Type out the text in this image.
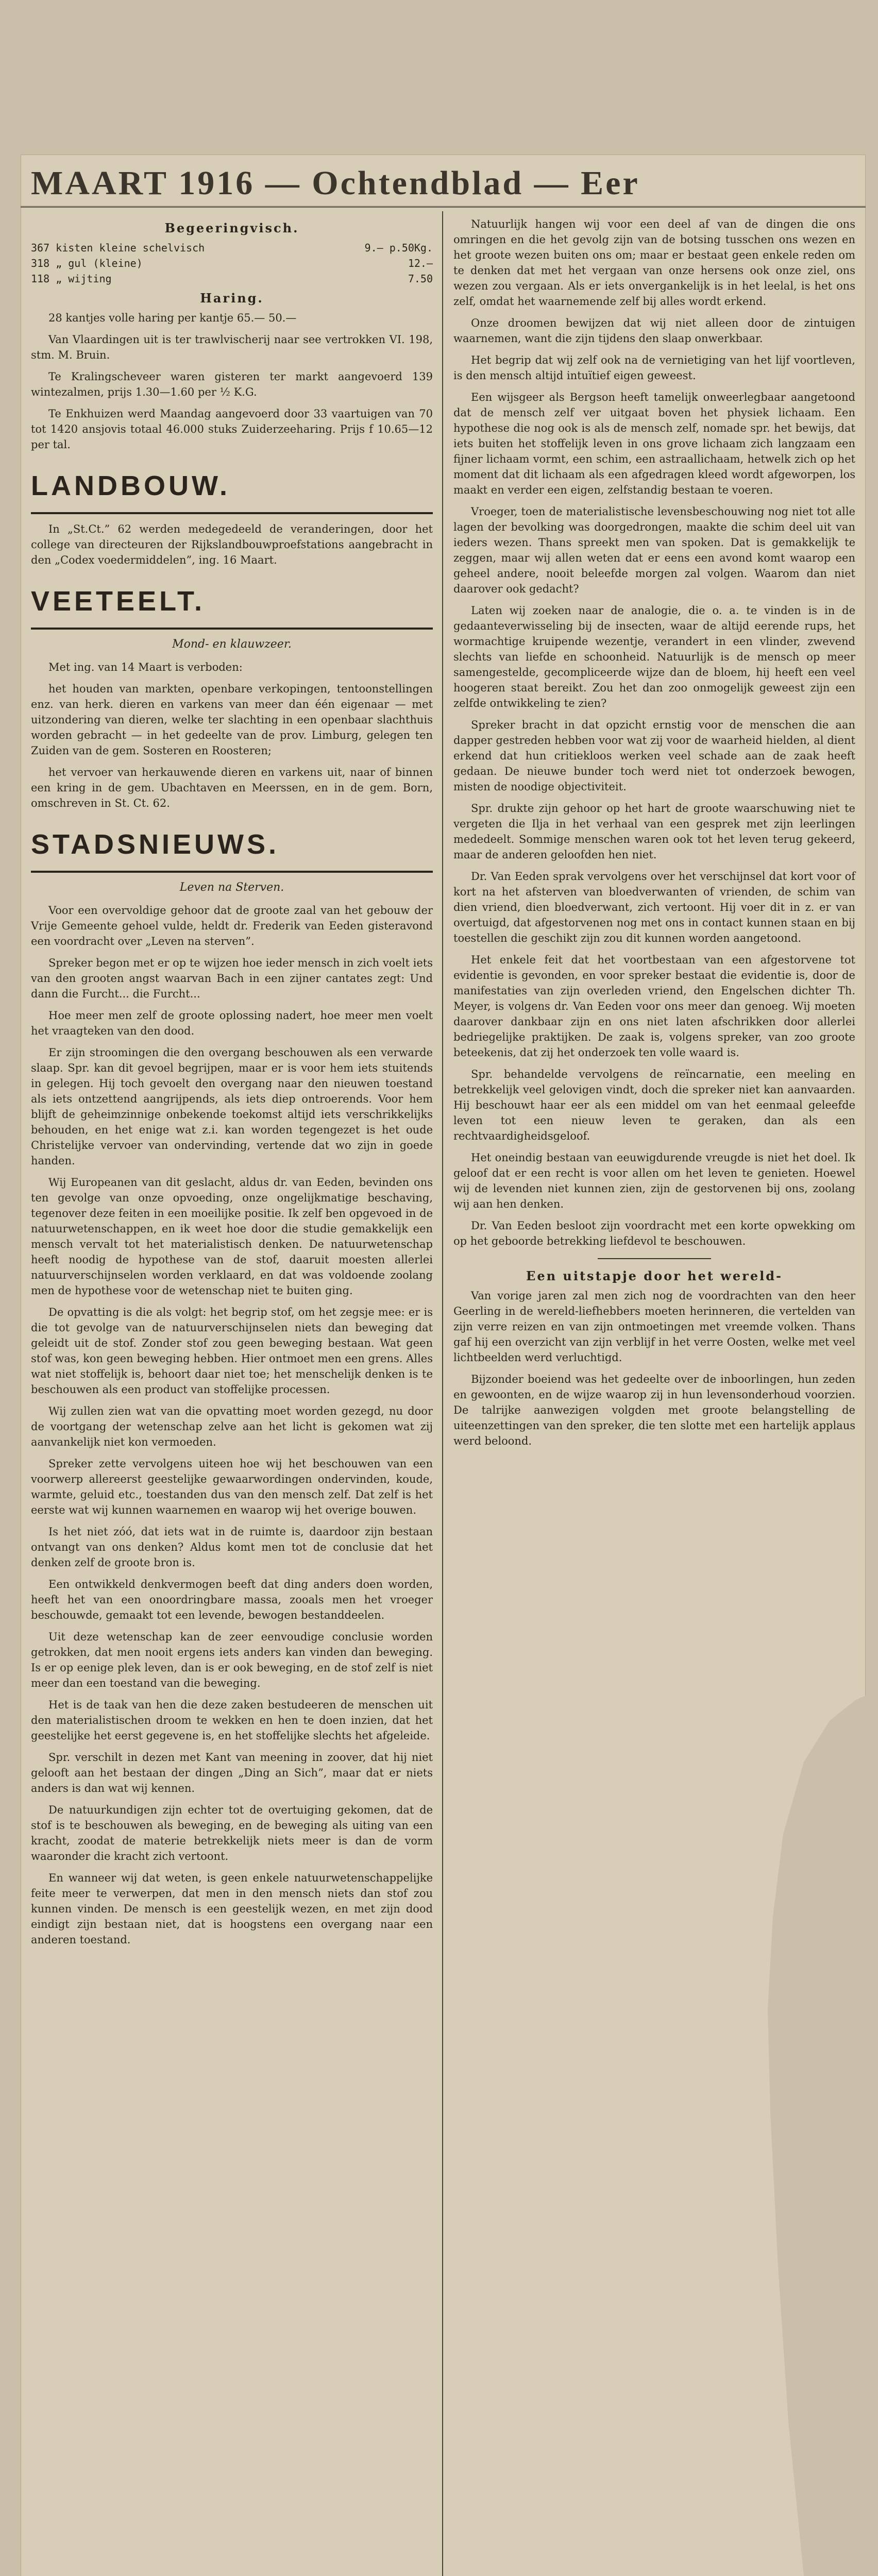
MAART 1916 — Ochtendblad — Eer
Begeeringvisch.
367 kisten kleine schelvisch	9.— p.50Kg.
318 „ gul (kleine)	12.—
118 „ wijting	7.50
Haring.
28 kantjes volle haring per kantje 65.— 50.—
Van Vlaardingen uit is ter trawlvischerij naar see vertrokken VI. 198, stm. M. Bruin.
Te Kralingscheveer waren gisteren ter markt aangevoerd 139 wintezalmen, prijs 1.30—1.60 per ½ K.G.
Te Enkhuizen werd Maandag aangevoerd door 33 vaartuigen van 70 tot 1420 ansjovis totaal 46.000 stuks Zuiderzeeharing. Prijs f 10.65—12 per tal.
LANDBOUW.
In „St.Ct.” 62 werden medegedeeld de veranderingen, door het college van directeuren der Rijkslandbouwproefstations aangebracht in den „Codex voedermiddelen”, ing. 16 Maart.
VEETEELT.
Mond- en klauwzeer.
Met ing. van 14 Maart is verboden:
het houden van markten, openbare verkopingen, tentoonstellingen enz. van herk. dieren en varkens van meer dan één eigenaar — met uitzondering van dieren, welke ter slachting in een openbaar slachthuis worden gebracht — in het gedeelte van de prov. Limburg, gelegen ten Zuiden van de gem. Sosteren en Roosteren;
het vervoer van herkauwende dieren en varkens uit, naar of binnen een kring in de gem. Ubachtaven en Meerssen, en in de gem. Born, omschreven in St. Ct. 62.
STADSNIEUWS.
Leven na Sterven.
Voor een overvoldige gehoor dat de groote zaal van het gebouw der Vrije Gemeente gehoel vulde, heldt dr. Frederik van Eeden gisteravond een voordracht over „Leven na sterven”.
Spreker begon met er op te wijzen hoe ieder mensch in zich voelt iets van den grooten angst waarvan Bach in een zijner cantates zegt: Und dann die Furcht... die Furcht...
Hoe meer men zelf de groote oplossing nadert, hoe meer men voelt het vraagteken van den dood.
Er zijn stroomingen die den overgang beschouwen als een verwarde slaap. Spr. kan dit gevoel begrijpen, maar er is voor hem iets stuitends in gelegen. Hij toch gevoelt den overgang naar den nieuwen toestand als iets ontzettend aangrijpends, als iets diep ontroerends. Voor hem blijft de geheimzinnige onbekende toekomst altijd iets verschrikkelijks behouden, en het enige wat z.i. kan worden tegengezet is het oude Christelijke vervoer van ondervinding, vertende dat wo zijn in goede handen.
Wij Europeanen van dit geslacht, aldus dr. van Eeden, bevinden ons ten gevolge van onze opvoeding, onze ongelijkmatige beschaving, tegenover deze feiten in een moeilijke positie. Ik zelf ben opgevoed in de natuurwetenschappen, en ik weet hoe door die studie gemakkelijk een mensch vervalt tot het materialistisch denken. De natuurwetenschap heeft noodig de hypothese van de stof, daaruit moesten allerlei natuurverschijnselen worden verklaard, en dat was voldoende zoolang men de hypothese voor de wetenschap niet te buiten ging.
De opvatting is die als volgt: het begrip stof, om het zegsje mee: er is die tot gevolge van de natuurverschijnselen niets dan beweging dat geleidt uit de stof. Zonder stof zou geen beweging bestaan. Wat geen stof was, kon geen beweging hebben. Hier ontmoet men een grens. Alles wat niet stoffelijk is, behoort daar niet toe; het menschelijk denken is te beschouwen als een product van stoffelijke processen.
Wij zullen zien wat van die opvatting moet worden gezegd, nu door de voortgang der wetenschap zelve aan het licht is gekomen wat zij aanvankelijk niet kon vermoeden.
Spreker zette vervolgens uiteen hoe wij het beschouwen van een voorwerp allereerst geestelijke gewaarwordingen ondervinden, koude, warmte, geluid etc., toestanden dus van den mensch zelf. Dat zelf is het eerste wat wij kunnen waarnemen en waarop wij het overige bouwen.
Is het niet zóó, dat iets wat in de ruimte is, daardoor zijn bestaan ontvangt van ons denken? Aldus komt men tot de conclusie dat het denken zelf de groote bron is.
Een ontwikkeld denkvermogen beeft dat ding anders doen worden, heeft het van een onoordringbare massa, zooals men het vroeger beschouwde, gemaakt tot een levende, bewogen bestanddeelen.
Uit deze wetenschap kan de zeer eenvoudige conclusie worden getrokken, dat men nooit ergens iets anders kan vinden dan beweging. Is er op eenige plek leven, dan is er ook beweging, en de stof zelf is niet meer dan een toestand van die beweging.
Het is de taak van hen die deze zaken bestudeeren de menschen uit den materialistischen droom te wekken en hen te doen inzien, dat het geestelijke het eerst gegevene is, en het stoffelijke slechts het afgeleide.
Spr. verschilt in dezen met Kant van meening in zoover, dat hij niet gelooft aan het bestaan der dingen „Ding an Sich”, maar dat er niets anders is dan wat wij kennen.
De natuurkundigen zijn echter tot de overtuiging gekomen, dat de stof is te beschouwen als beweging, en de beweging als uiting van een kracht, zoodat de materie betrekkelijk niets meer is dan de vorm waaronder die kracht zich vertoont.
En wanneer wij dat weten, is geen enkele natuurwetenschappelijke feite meer te verwerpen, dat men in den mensch niets dan stof zou kunnen vinden. De mensch is een geestelijk wezen, en met zijn dood eindigt zijn bestaan niet, dat is hoogstens een overgang naar een anderen toestand.
Natuurlijk hangen wij voor een deel af van de dingen die ons omringen en die het gevolg zijn van de botsing tusschen ons wezen en het groote wezen buiten ons om; maar er bestaat geen enkele reden om te denken dat met het vergaan van onze hersens ook onze ziel, ons wezen zou vergaan. Als er iets onvergankelijk is in het leelal, is het ons zelf, omdat het waarnemende zelf bij alles wordt erkend.
Onze droomen bewijzen dat wij niet alleen door de zintuigen waarnemen, want die zijn tijdens den slaap onwerkbaar.
Het begrip dat wij zelf ook na de vernietiging van het lijf voortleven, is den mensch altijd intuïtief eigen geweest.
Een wijsgeer als Bergson heeft tamelijk onweerlegbaar aangetoond dat de mensch zelf ver uitgaat boven het physiek lichaam. Een hypothese die nog ook is als de mensch zelf, nomade spr. het bewijs, dat iets buiten het stoffelijk leven in ons grove lichaam zich langzaam een fijner lichaam vormt, een schim, een astraallichaam, hetwelk zich op het moment dat dit lichaam als een afgedragen kleed wordt afgeworpen, los maakt en verder een eigen, zelfstandig bestaan te voeren.
Vroeger, toen de materialistische levensbeschouwing nog niet tot alle lagen der bevolking was doorgedrongen, maakte die schim deel uit van ieders wezen. Thans spreekt men van spoken. Dat is gemakkelijk te zeggen, maar wij allen weten dat er eens een avond komt waarop een geheel andere, nooit beleefde morgen zal volgen. Waarom dan niet daarover ook gedacht?
Laten wij zoeken naar de analogie, die o. a. te vinden is in de gedaanteverwisseling bij de insecten, waar de altijd eerende rups, het wormachtige kruipende wezentje, verandert in een vlinder, zwevend slechts van liefde en schoonheid. Natuurlijk is de mensch op meer samengestelde, gecompliceerde wijze dan de bloem, hij heeft een veel hoogeren staat bereikt. Zou het dan zoo onmogelijk geweest zijn een zelfde ontwikkeling te zien?
Spreker bracht in dat opzicht ernstig voor de menschen die aan dapper gestreden hebben voor wat zij voor de waarheid hielden, al dient erkend dat hun critiekloos werken veel schade aan de zaak heeft gedaan. De nieuwe bunder toch werd niet tot onderzoek bewogen, misten de noodige objectiviteit.
Spr. drukte zijn gehoor op het hart de groote waarschuwing niet te vergeten die Ilja in het verhaal van een gesprek met zijn leerlingen mededeelt. Sommige menschen waren ook tot het leven terug gekeerd, maar de anderen geloofden hen niet.
Dr. Van Eeden sprak vervolgens over het verschijnsel dat kort voor of kort na het afsterven van bloedverwanten of vrienden, de schim van dien vriend, dien bloedverwant, zich vertoont. Hij voer dit in z. er van overtuigd, dat afgestorvenen nog met ons in contact kunnen staan en bij toestellen die geschikt zijn zou dit kunnen worden aangetoond.
Het enkele feit dat het voortbestaan van een afgestorvene tot evidentie is gevonden, en voor spreker bestaat die evidentie is, door de manifestaties van zijn overleden vriend, den Engelschen dichter Th. Meyer, is volgens dr. Van Eeden voor ons meer dan genoeg. Wij moeten daarover dankbaar zijn en ons niet laten afschrikken door allerlei bedriegelijke praktijken. De zaak is, volgens spreker, van zoo groote beteekenis, dat zij het onderzoek ten volle waard is.
Spr. behandelde vervolgens de reïncarnatie, een meeling en betrekkelijk veel gelovigen vindt, doch die spreker niet kan aanvaarden. Hij beschouwt haar eer als een middel om van het eenmaal geleefde leven tot een nieuw leven te geraken, dan als een rechtvaardigheidsgeloof.
Het oneindig bestaan van eeuwigdurende vreugde is niet het doel. Ik geloof dat er een recht is voor allen om het leven te genieten. Hoewel wij de levenden niet kunnen zien, zijn de gestorvenen bij ons, zoolang wij aan hen denken.
Dr. Van Eeden besloot zijn voordracht met een korte opwekking om op het geboorde betrekking liefdevol te beschouwen.
Een uitstapje door het wereld-
Van vorige jaren zal men zich nog de voordrachten van den heer Geerling in de wereld-liefhebbers moeten herinneren, die vertelden van zijn verre reizen en van zijn ontmoetingen met vreemde volken. Thans gaf hij een overzicht van zijn verblijf in het verre Oosten, welke met veel lichtbeelden werd verluchtigd.
Bijzonder boeiend was het gedeelte over de inboorlingen, hun zeden en gewoonten, en de wijze waarop zij in hun levensonderhoud voorzien. De talrijke aanwezigen volgden met groote belangstelling de uiteenzettingen van den spreker, die ten slotte met een hartelijk applaus werd beloond.
